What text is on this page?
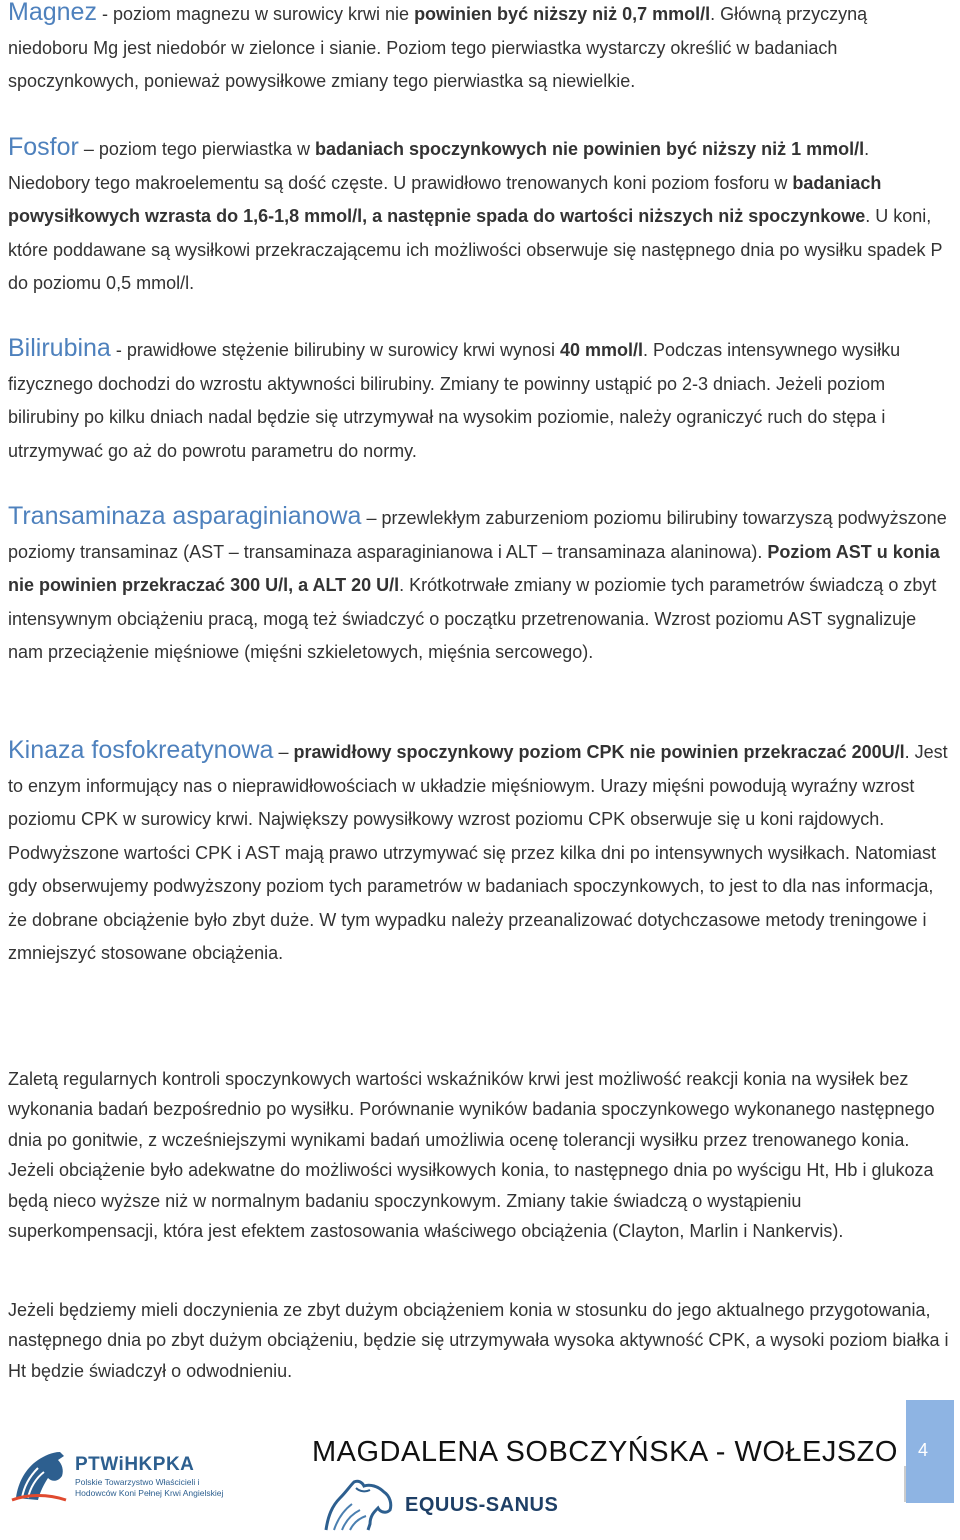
Magnez - poziom magnezu w surowicy krwi nie powinien być niższy niż 0,7 mmol/l. Główną przyczyną niedoboru Mg jest niedobór w zielonce i sianie. Poziom tego pierwiastka wystarczy określić w badaniach spoczynkowych, ponieważ powysiłkowe zmiany tego pierwiastka są niewielkie.

Fosfor – poziom tego pierwiastka w badaniach spoczynkowych nie powinien być niższy niż 1 mmol/l. Niedobory tego makroelementu są dość częste. U prawidłowo trenowanych koni poziom fosforu w badaniach powysiłkowych wzrasta do 1,6-1,8 mmol/l, a następnie spada do wartości niższych niż spoczynkowe. U koni, które poddawane są wysiłkowi przekraczającemu ich możliwości obserwuje się następnego dnia po wysiłku spadek P do poziomu 0,5 mmol/l.

Bilirubina - prawidłowe stężenie bilirubiny w surowicy krwi wynosi 40 mmol/l. Podczas intensywnego wysiłku fizycznego dochodzi do wzrostu aktywności bilirubiny. Zmiany te powinny ustąpić po 2-3 dniach. Jeżeli poziom bilirubiny po kilku dniach nadal będzie się utrzymywał na wysokim poziomie, należy ograniczyć ruch do stępa i utrzymywać go aż do powrotu parametru do normy.

Transaminaza asparaginianowa – przewlekłym zaburzeniom poziomu bilirubiny towarzyszą podwyższone poziomy transaminaz (AST – transaminaza asparaginianowa i ALT – transaminaza alaninowa). Poziom AST u konia nie powinien przekraczać 300 U/l, a ALT 20 U/l. Krótkotrwałe zmiany w poziomie tych parametrów świadczą o zbyt intensywnym obciążeniu pracą, mogą też świadczyć o początku przetrenowania. Wzrost poziomu AST sygnalizuje nam przeciążenie mięśniowe (mięśni szkieletowych, mięśnia sercowego).

Kinaza fosfokreatynowa – prawidłowy spoczynkowy poziom CPK nie powinien przekraczać 200U/l. Jest to enzym informujący nas o nieprawidłowościach w układzie mięśniowym. Urazy mięśni powodują wyraźny wzrost poziomu CPK w surowicy krwi. Największy powysiłkowy wzrost poziomu CPK obserwuje się u koni rajdowych. Podwyższone wartości CPK i AST mają prawo utrzymywać się przez kilka dni po intensywnych wysiłkach. Natomiast gdy obserwujemy podwyższony poziom tych parametrów w badaniach spoczynkowych, to jest to dla nas informacja, że dobrane obciążenie było zbyt duże. W tym wypadku należy przeanalizować dotychczasowe metody treningowe i zmniejszyć stosowane obciążenia.

Zaletą regularnych kontroli spoczynkowych wartości wskaźników krwi jest możliwość reakcji konia na wysiłek bez wykonania badań bezpośrednio po wysiłku. Porównanie wyników badania spoczynkowego wykonanego następnego dnia po gonitwie, z wcześniejszymi wynikami badań umożliwia ocenę tolerancji wysiłku przez trenowanego konia. Jeżeli obciążenie było adekwatne do możliwości wysiłkowych konia, to następnego dnia po wyścigu Ht, Hb i glukoza będą nieco wyższe niż w normalnym badaniu spoczynkowym. Zmiany takie świadczą o wystąpieniu superkompensacji, która jest efektem zastosowania właściwego obciążenia (Clayton, Marlin i Nankervis).

Jeżeli będziemy mieli doczynienia ze zbyt dużym obciążeniem konia w stosunku do jego aktualnego przygotowania, następnego dnia po zbyt dużym obciążeniu, będzie się utrzymywała wysoka aktywność CPK, a wysoki poziom białka i Ht będzie świadczył o odwodnieniu.

PTWiHKPKA
Polskie Towarzystwo Właścicieli i Hodowców Koni Pełnej Krwi Angielskiej
EQUUS-SANUS
MAGDALENA SOBCZYŃSKA - WOŁEJSZO 4
